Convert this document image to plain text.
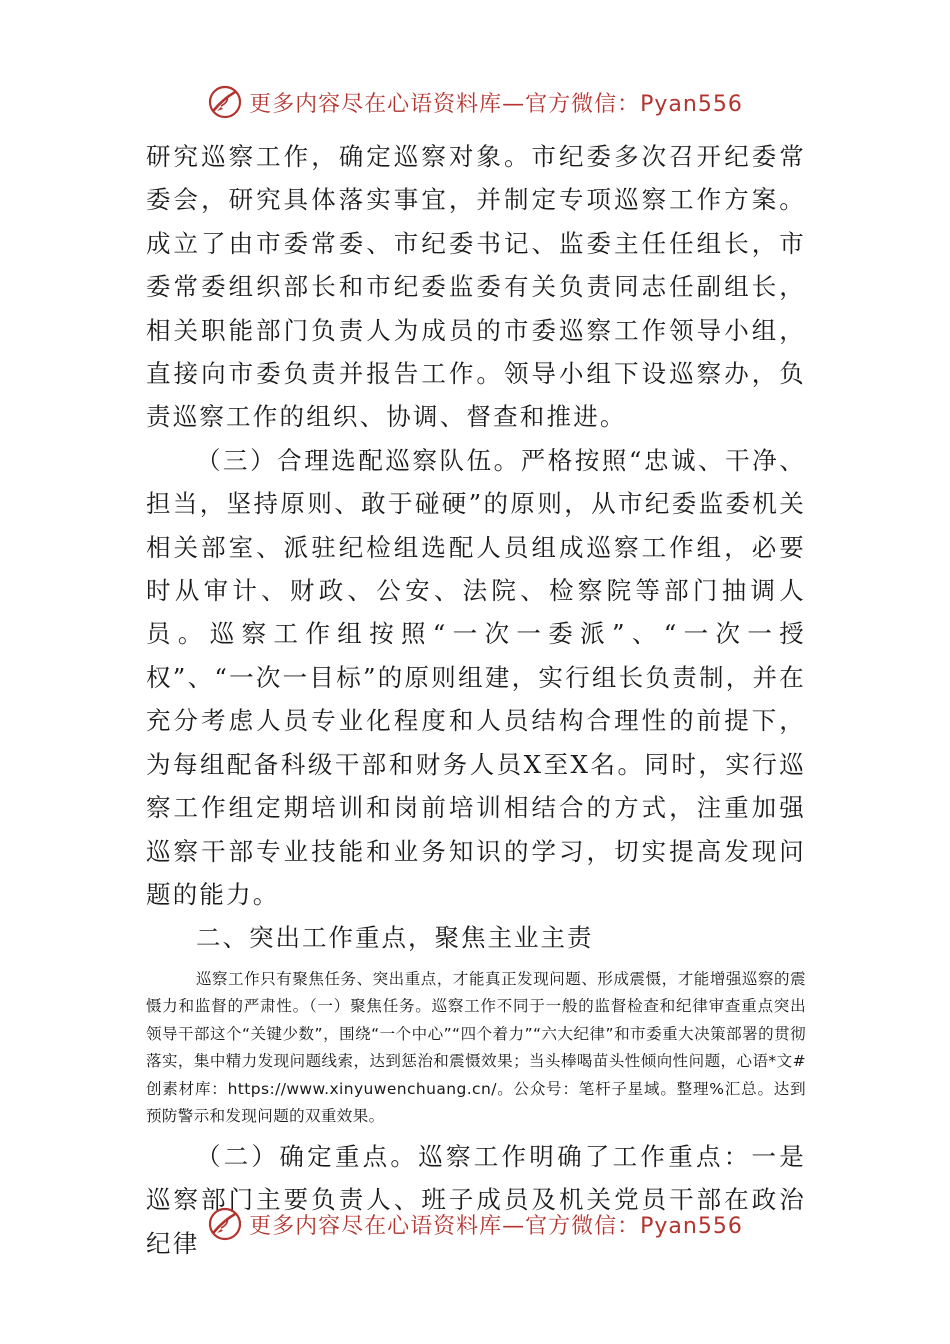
更多内容尽在心语资料库—官方微信：Pyan556

研究巡察工作，确定巡察对象。市纪委多次召开纪委常委会，研究具体落实事宜，并制定专项巡察工作方案。成立了由市委常委、市纪委书记、监委主任任组长，市委常委组织部长和市纪委监委有关负责同志任副组长，相关职能部门负责人为成员的市委巡察工作领导小组，直接向市委负责并报告工作。领导小组下设巡察办，负责巡察工作的组织、协调、督查和推进。

（三）合理选配巡察队伍。严格按照“忠诚、干净、担当，坚持原则、敢于碰硬”的原则，从市纪委监委机关相关部室、派驻纪检组选配人员组成巡察工作组，必要时从审计、财政、公安、法院、检察院等部门抽调人员。巡察工作组按照“一次一委派”、“一次一授权”、“一次一目标”的原则组建，实行组长负责制，并在充分考虑人员专业化程度和人员结构合理性的前提下，为每组配备科级干部和财务人员X至X名。同时，实行巡察工作组定期培训和岗前培训相结合的方式，注重加强巡察干部专业技能和业务知识的学习，切实提高发现问题的能力。

二、突出工作重点，聚焦主业主责

巡察工作只有聚焦任务、突出重点，才能真正发现问题、形成震慑，才能增强巡察的震慑力和监督的严肃性。（一）聚焦任务。巡察工作不同于一般的监督检查和纪律审查重点突出领导干部这个“关键少数”，围绕“一个中心”“四个着力”“六大纪律”和市委重大决策部署的贯彻落实，集中精力发现问题线索，达到惩治和震慑效果；当头棒喝苗头性倾向性问题，心语*文#创素材库：https://www.xinyuwenchuang.cn/。公众号：笔杆子星域。整理%汇总。达到预防警示和发现问题的双重效果。

（二）确定重点。巡察工作明确了工作重点：一是巡察部门主要负责人、班子成员及机关党员干部在政治纪律

更多内容尽在心语资料库—官方微信：Pyan556
